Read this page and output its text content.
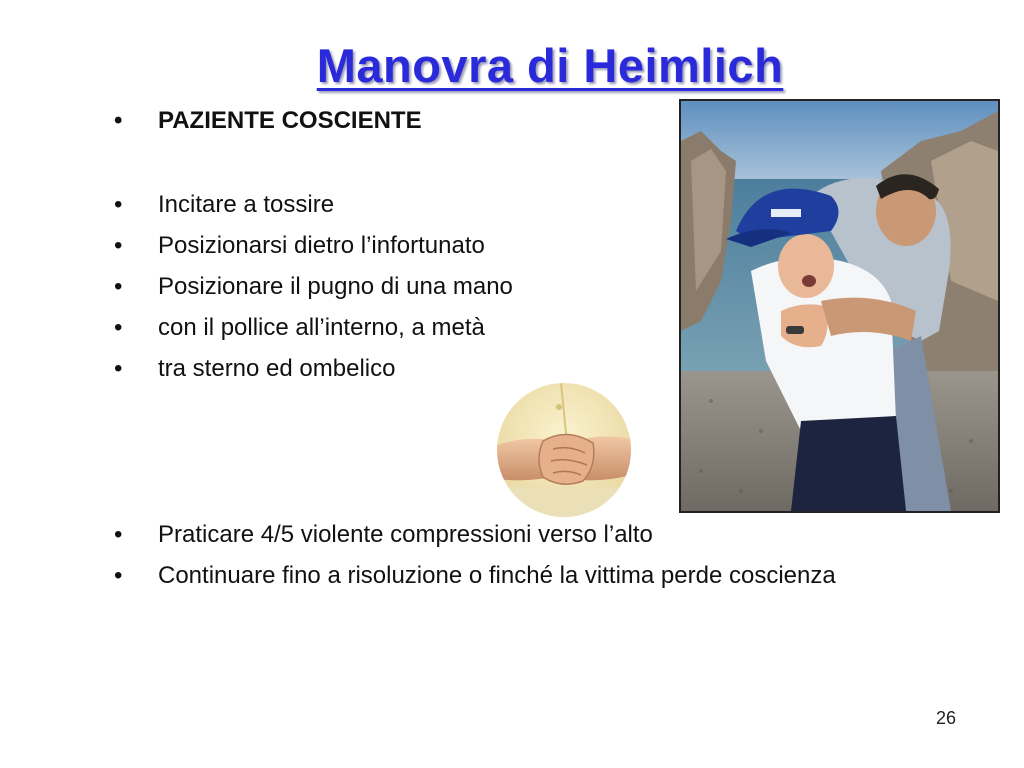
Manovra di Heimlich
• PAZIENTE COSCIENTE
• Incitare a tossire
• Posizionarsi dietro l’infortunato
• Posizionare il pugno di una mano
• con il pollice all’interno, a metà
• tra sterno ed ombelico
• Praticare 4/5 violente compressioni verso l’alto
• Continuare fino a risoluzione o finché la vittima perde coscienza
26
